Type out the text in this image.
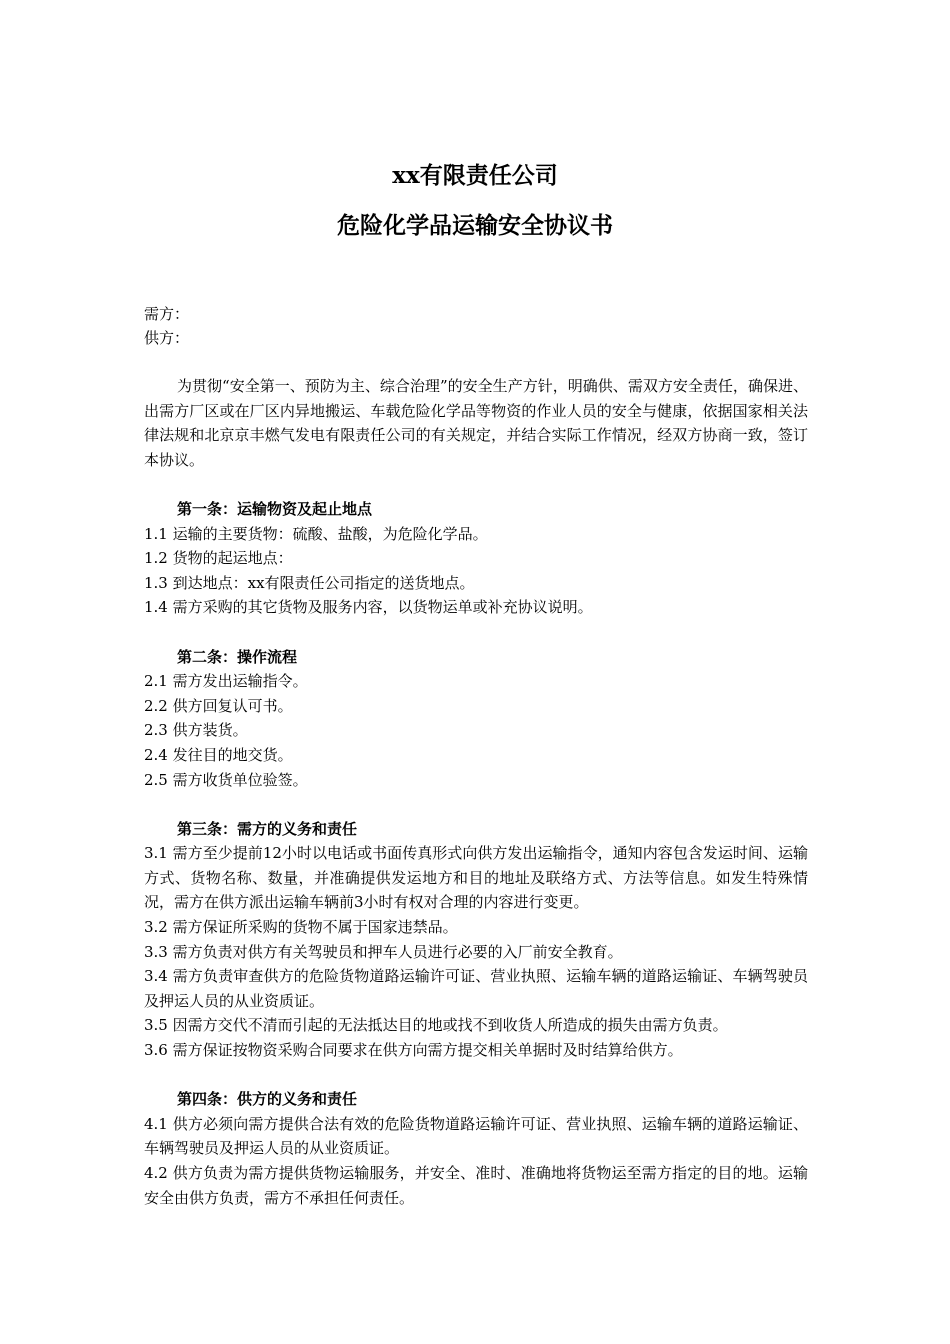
xx有限责任公司
危险化学品运输安全协议书

需方：

供方：

为贯彻“安全第一、预防为主、综合治理”的安全生产方针，明确供、需双方安全责任，确保进、出需方厂区或在厂区内异地搬运、车载危险化学品等物资的作业人员的安全与健康，依据国家相关法律法规和北京京丰燃气发电有限责任公司的有关规定，并结合实际工作情况，经双方协商一致，签订本协议。

第一条：运输物资及起止地点

1.1 运输的主要货物：硫酸、盐酸，为危险化学品。

1.2 货物的起运地点：

1.3 到达地点：xx有限责任公司指定的送货地点。

1.4 需方采购的其它货物及服务内容，以货物运单或补充协议说明。

第二条：操作流程

2.1 需方发出运输指令。

2.2 供方回复认可书。

2.3 供方装货。

2.4 发往目的地交货。

2.5 需方收货单位验签。

第三条：需方的义务和责任

3.1 需方至少提前12小时以电话或书面传真形式向供方发出运输指令，通知内容包含发运时间、运输方式、货物名称、数量，并准确提供发运地方和目的地址及联络方式、方法等信息。如发生特殊情况，需方在供方派出运输车辆前3小时有权对合理的内容进行变更。

3.2 需方保证所采购的货物不属于国家违禁品。

3.3 需方负责对供方有关驾驶员和押车人员进行必要的入厂前安全教育。

3.4 需方负责审查供方的危险货物道路运输许可证、营业执照、运输车辆的道路运输证、车辆驾驶员及押运人员的从业资质证。

3.5 因需方交代不清而引起的无法抵达目的地或找不到收货人所造成的损失由需方负责。

3.6 需方保证按物资采购合同要求在供方向需方提交相关单据时及时结算给供方。

第四条：供方的义务和责任

4.1 供方必须向需方提供合法有效的危险货物道路运输许可证、营业执照、运输车辆的道路运输证、车辆驾驶员及押运人员的从业资质证。

4.2 供方负责为需方提供货物运输服务，并安全、准时、准确地将货物运至需方指定的目的地。运输安全由供方负责，需方不承担任何责任。
